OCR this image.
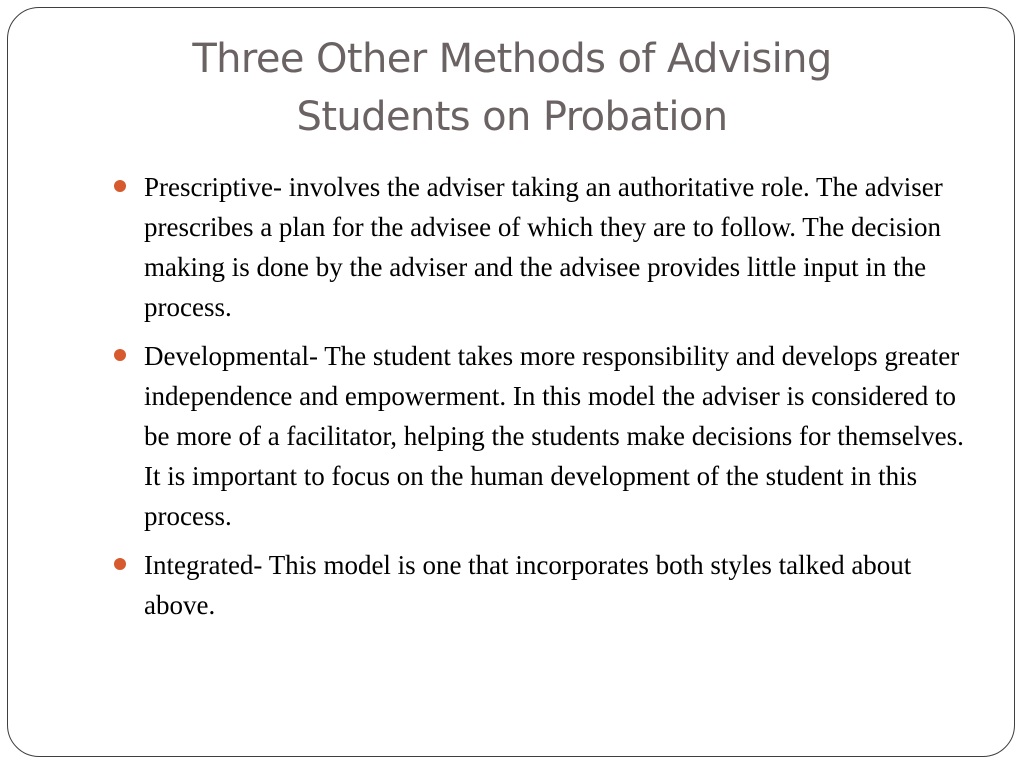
Three Other Methods of Advising
Students on Probation
Prescriptive- involves the adviser taking an authoritative role. The adviser prescribes a plan for the advisee of which they are to follow. The decision making is done by the adviser and the advisee provides little input in the process.
Developmental- The student takes more responsibility and develops greater independence and empowerment. In this model the adviser is considered to be more of a facilitator, helping the students make decisions for themselves. It is important to focus on the human development of the student in this process.
Integrated- This model is one that incorporates both styles talked about above.
